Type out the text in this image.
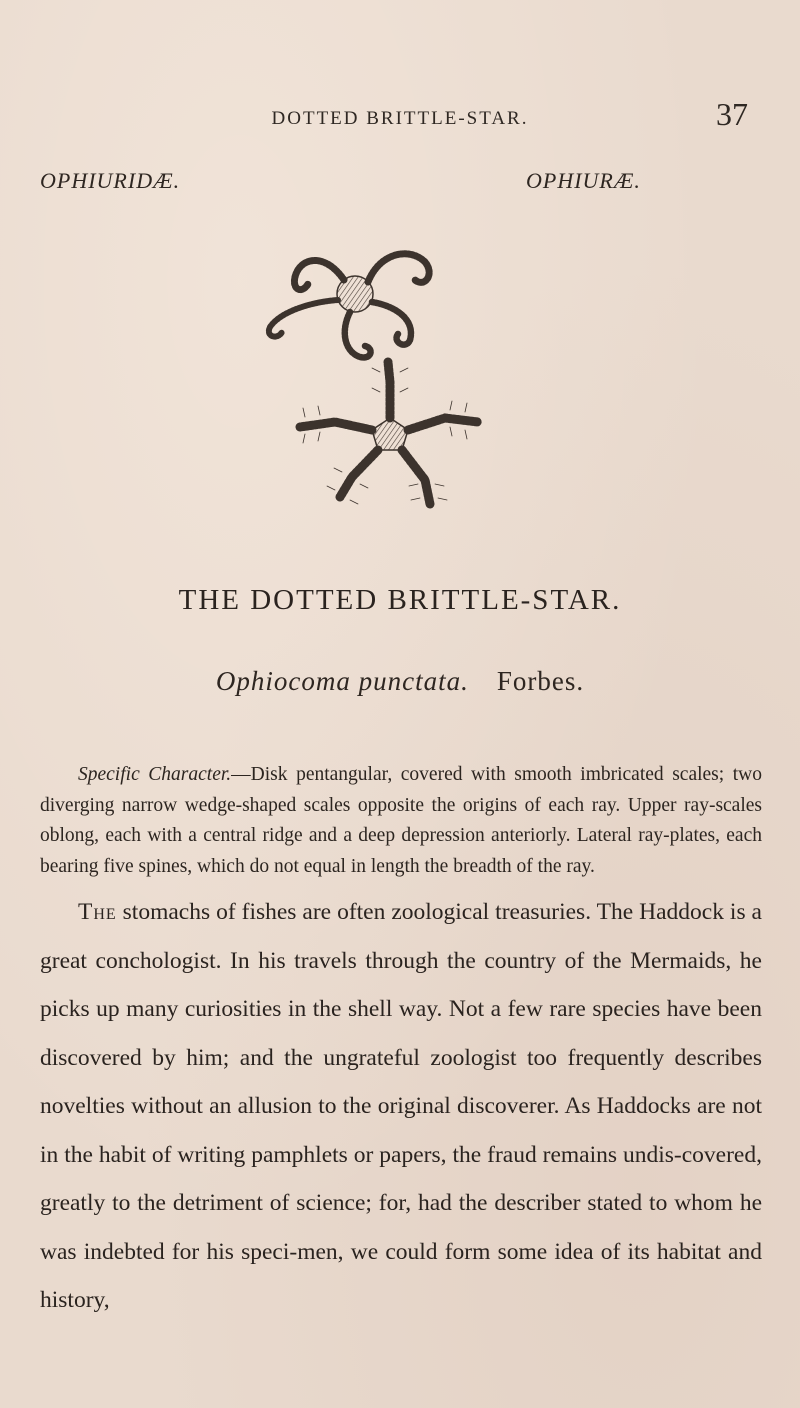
DOTTED BRITTLE-STAR.	37
OPHIURIDÆ.	OPHIURÆ.
THE DOTTED BRITTLE-STAR.
Ophiocoma punctata. Forbes.

Specific Character.—Disk pentangular, covered with smooth imbricated scales; two diverging narrow wedge-shaped scales opposite the origins of each ray. Upper ray-scales oblong, each with a central ridge and a deep depression anteriorly. Lateral ray-plates, each bearing five spines, which do not equal in length the breadth of the ray.

The stomachs of fishes are often zoological treasuries. The Haddock is a great conchologist. In his travels through the country of the Mermaids, he picks up many curiosities in the shell way. Not a few rare species have been discovered by him; and the ungrateful zoologist too frequently describes novelties without an allusion to the original discoverer. As Haddocks are not in the habit of writing pamphlets or papers, the fraud remains undis-covered, greatly to the detriment of science; for, had the describer stated to whom he was indebted for his speci-men, we could form some idea of its habitat and history,
